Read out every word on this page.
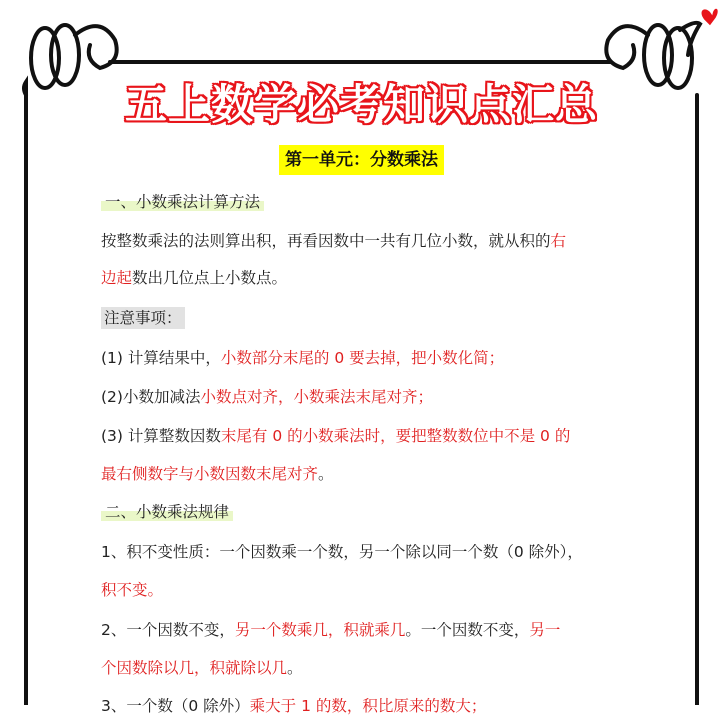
五上数学必考知识点汇总
第一单元：分数乘法
一、小数乘法计算方法
按整数乘法的法则算出积，再看因数中一共有几位小数，就从积的右
边起数出几位点上小数点。
注意事项：
(1) 计算结果中，小数部分末尾的 0 要去掉，把小数化简；
(2)小数加减法小数点对齐，小数乘法末尾对齐；
(3) 计算整数因数末尾有 0 的小数乘法时，要把整数数位中不是 0 的
最右侧数字与小数因数末尾对齐。
二、小数乘法规律
1、积不变性质：一个因数乘一个数，另一个除以同一个数（0 除外），
积不变。
2、一个因数不变，另一个数乘几，积就乘几。一个因数不变，另一
个因数除以几，积就除以几。
3、一个数（0 除外）乘大于 1 的数，积比原来的数大；
